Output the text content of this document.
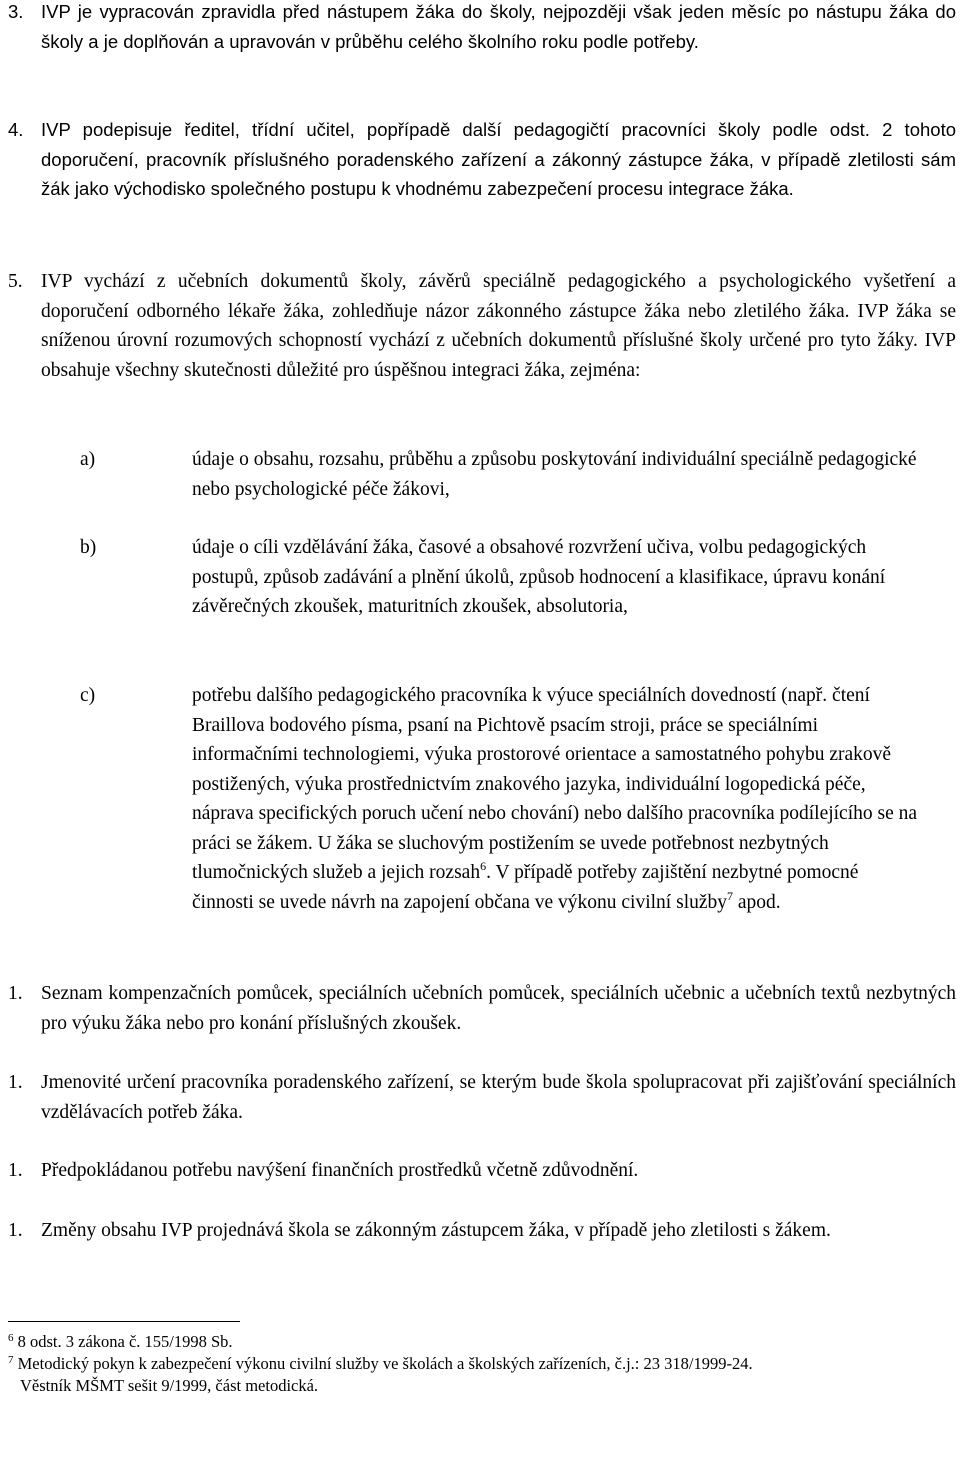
3. IVP je vypracován zpravidla před nástupem žáka do školy, nejpozději však jeden měsíc po nástupu žáka do školy a je doplňován a upravován v průběhu celého školního roku podle potřeby.
4. IVP podepisuje ředitel, třídní učitel, popřípadě další pedagogičtí pracovníci školy podle odst. 2 tohoto doporučení, pracovník příslušného poradenského zařízení a zákonný zástupce žáka, v případě zletilosti sám žák jako východisko společného postupu k vhodnému zabezpečení procesu integrace žáka.
5. IVP vychází z učebních dokumentů školy, závěrů speciálně pedagogického a psychologického vyšetření a doporučení odborného lékaře žáka, zohledňuje názor zákonného zástupce žáka nebo zletilého žáka. IVP žáka se sníženou úrovní rozumových schopností vychází z učebních dokumentů příslušné školy určené pro tyto žáky. IVP obsahuje všechny skutečnosti důležité pro úspěšnou integraci žáka, zejména:
a)	údaje o obsahu, rozsahu, průběhu a způsobu poskytování individuální speciálně pedagogické nebo psychologické péče žákovi,
b)	údaje o cíli vzdělávání žáka, časové a obsahové rozvržení učiva, volbu pedagogických postupů, způsob zadávání a plnění úkolů, způsob hodnocení a klasifikace, úpravu konání závěrečných zkoušek, maturitních zkoušek, absolutoria,
c)	potřebu dalšího pedagogického pracovníka k výuce speciálních dovedností (např. čtení Braillova bodového písma, psaní na Pichtově psacím stroji, práce se speciálními informačními technologiemi, výuka prostorové orientace a samostatného pohybu zrakově postižených, výuka prostřednictvím znakového jazyka, individuální logopedická péče, náprava specifických poruch učení nebo chování) nebo dalšího pracovníka podílejícího se na práci se žákem. U žáka se sluchovým postižením se uvede potřebnost nezbytných tlumočnických služeb a jejich rozsah$^6$. V případě potřeby zajištění nezbytné pomocné činnosti se uvede návrh na zapojení občana ve výkonu civilní služby$^7$ apod.
1. Seznam kompenzačních pomůcek, speciálních učebních pomůcek, speciálních učebnic a učebních textů nezbytných pro výuku žáka nebo pro konání příslušných zkoušek.
1. Jmenovité určení pracovníka poradenského zařízení, se kterým bude škola spolupracovat při zajišťování speciálních vzdělávacích potřeb žáka.
1. Předpokládanou potřebu navýšení finančních prostředků včetně zdůvodnění.
1. Změny obsahu IVP projednává škola se zákonným zástupcem žáka, v případě jeho zletilosti s žákem.
$^6$ 8 odst. 3 zákona č. 155/1998 Sb.
$^7$ Metodický pokyn k zabezpečení výkonu civilní služby ve školách a školských zařízeních, č.j.: 23 318/1999-24.
Věstník MŠMT sešit 9/1999, část metodická.
